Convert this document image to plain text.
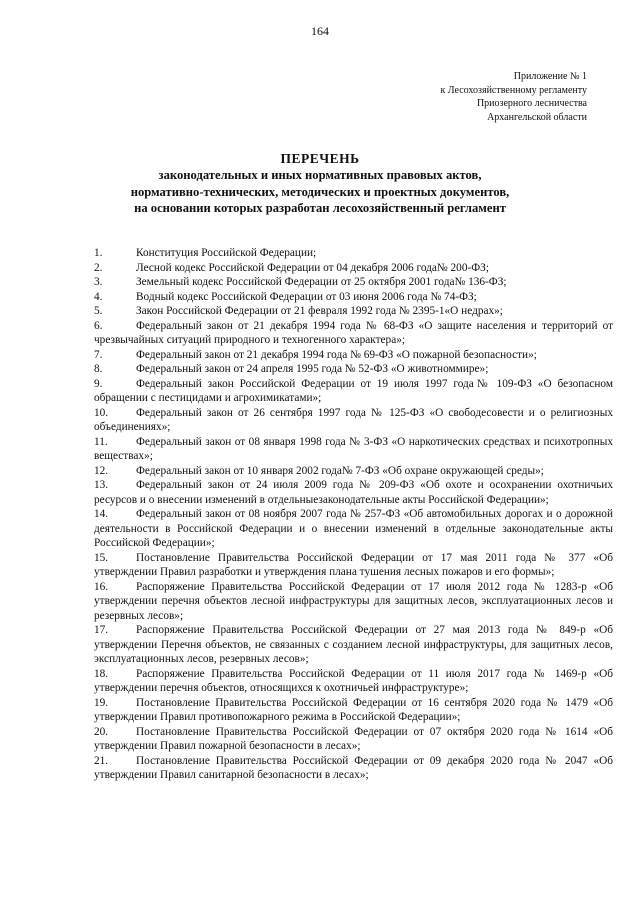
164
Приложение № 1
к Лесохозяйственному регламенту
Приозерного лесничества
Архангельской области
ПЕРЕЧЕНЬ
законодательных и иных нормативных правовых актов,
нормативно-технических, методических и проектных документов,
на основании которых разработан лесохозяйственный регламент
1.	Конституция Российской Федерации;
2.	Лесной кодекс Российской Федерации от 04 декабря 2006 года№ 200-ФЗ;
3.	Земельный кодекс Российской Федерации от 25 октября 2001 года№ 136-ФЗ;
4.	Водный кодекс Российской Федерации от 03 июня 2006 года № 74-ФЗ;
5.	Закон Российской Федерации от 21 февраля 1992 года № 2395-1«О недрах»;
6.	Федеральный закон от 21 декабря 1994 года № 68-ФЗ «О защите населения и территорий от чрезвычайных ситуаций природного и техногенного характера»;
7.	Федеральный закон от 21 декабря 1994 года № 69-ФЗ «О пожарной безопасности»;
8.	Федеральный закон от 24 апреля 1995 года № 52-ФЗ «О животноммире»;
9.	Федеральный закон Российской Федерации от 19 июля 1997 года№ 109-ФЗ «О безопасном обращении с пестицидами и агрохимикатами»;
10. Федеральный закон от 26 сентября 1997 года № 125-ФЗ «О свободесовести и о религиозных объединениях»;
11.	Федеральный закон от 08 января 1998 года № 3-ФЗ «О наркотических средствах и психотропных веществах»;
12. Федеральный закон от 10 января 2002 года№ 7-ФЗ «Об охране окружающей среды»;
13. Федеральный закон от 24 июля 2009 года № 209-ФЗ «Об охоте и осохранении охотничьих ресурсов и о внесении изменений в отдельныезаконодательные акты Российской Федерации»;
14. Федеральный закон от 08 ноября 2007 года № 257-ФЗ «Об автомобильных дорогах и о дорожной деятельности в Российской Федерации и о внесении изменений в отдельные законодательные акты Российской Федерации»;
15. Постановление Правительства Российской Федерации от 17 мая 2011 года № 377 «Об утверждении Правил разработки и утверждения плана тушения лесных пожаров и его формы»;
16. Распоряжение Правительства Российской Федерации от 17 июля 2012 года № 1283-р «Об утверждении перечня объектов лесной инфраструктуры для защитных лесов, эксплуатационных лесов и резервных лесов»;
17. Распоряжение Правительства Российской Федерации от 27 мая 2013 года № 849-р «Об утверждении Перечня объектов, не связанных с созданием лесной инфраструктуры, для защитных лесов, эксплуатационных лесов, резервных лесов»;
18. Распоряжение Правительства Российской Федерации от 11 июля 2017 года № 1469-р «Об утверждении перечня объектов, относящихся к охотничьей инфраструктуре»;
19. Постановление Правительства Российской Федерации от 16 сентября 2020 года № 1479 «Об утверждении Правил противопожарного режима в Российской Федерации»;
20. Постановление Правительства Российской Федерации от 07 октября 2020 года № 1614 «Об утверждении Правил пожарной безопасности в лесах»;
21. Постановление Правительства Российской Федерации от 09 декабря 2020 года № 2047 «Об утверждении Правил санитарной безопасности в лесах»;
